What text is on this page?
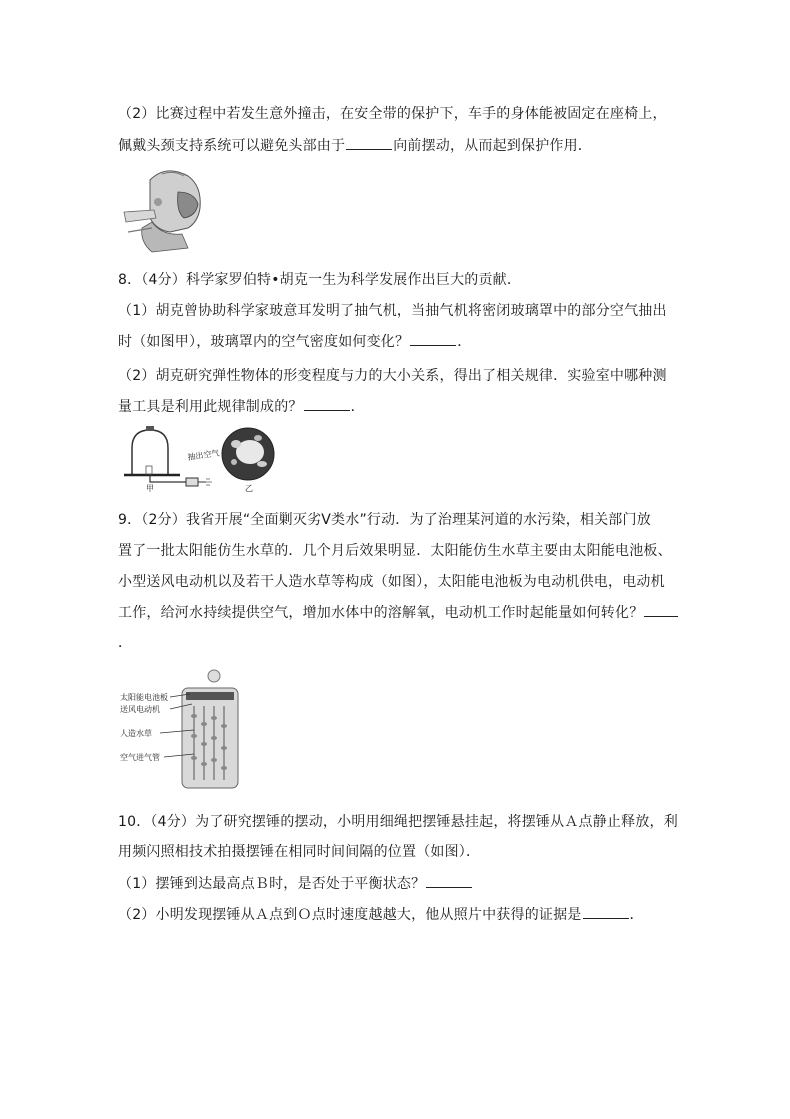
（2）比赛过程中若发生意外撞击，在安全带的保护下，车手的身体能被固定在座椅上，
佩戴头颈支持系统可以避免头部由于	向前摆动，从而起到保护作用．
8．（4分）科学家罗伯特•胡克一生为科学发展作出巨大的贡献．
（1）胡克曾协助科学家玻意耳发明了抽气机，当抽气机将密闭玻璃罩中的部分空气抽出
时（如图甲），玻璃罩内的空气密度如何变化？	．
（2）胡克研究弹性物体的形变程度与力的大小关系，得出了相关规律．实验室中哪种测
量工具是利用此规律制成的？	．
抽出空气
甲	乙
9．（2分）我省开展“全面剿灭劣Ⅴ类水”行动．为了治理某河道的水污染，相关部门放
置了一批太阳能仿生水草的．几个月后效果明显．太阳能仿生水草主要由太阳能电池板、
小型送风电动机以及若干人造水草等构成（如图），太阳能电池板为电动机供电，电动机
工作，给河水持续提供空气，增加水体中的溶解氧，电动机工作时起能量如何转化？
．
太阳能电池板
送风电动机
人造水草
空气进气管
10．（4分）为了研究摆锤的摆动，小明用细绳把摆锤悬挂起，将摆锤从Ａ点静止释放，利
用频闪照相技术拍摄摆锤在相同时间间隔的位置（如图）．
（1）摆锤到达最高点Ｂ时，是否处于平衡状态？
（2）小明发现摆锤从Ａ点到Ｏ点时速度越越大，他从照片中获得的证据是	．
